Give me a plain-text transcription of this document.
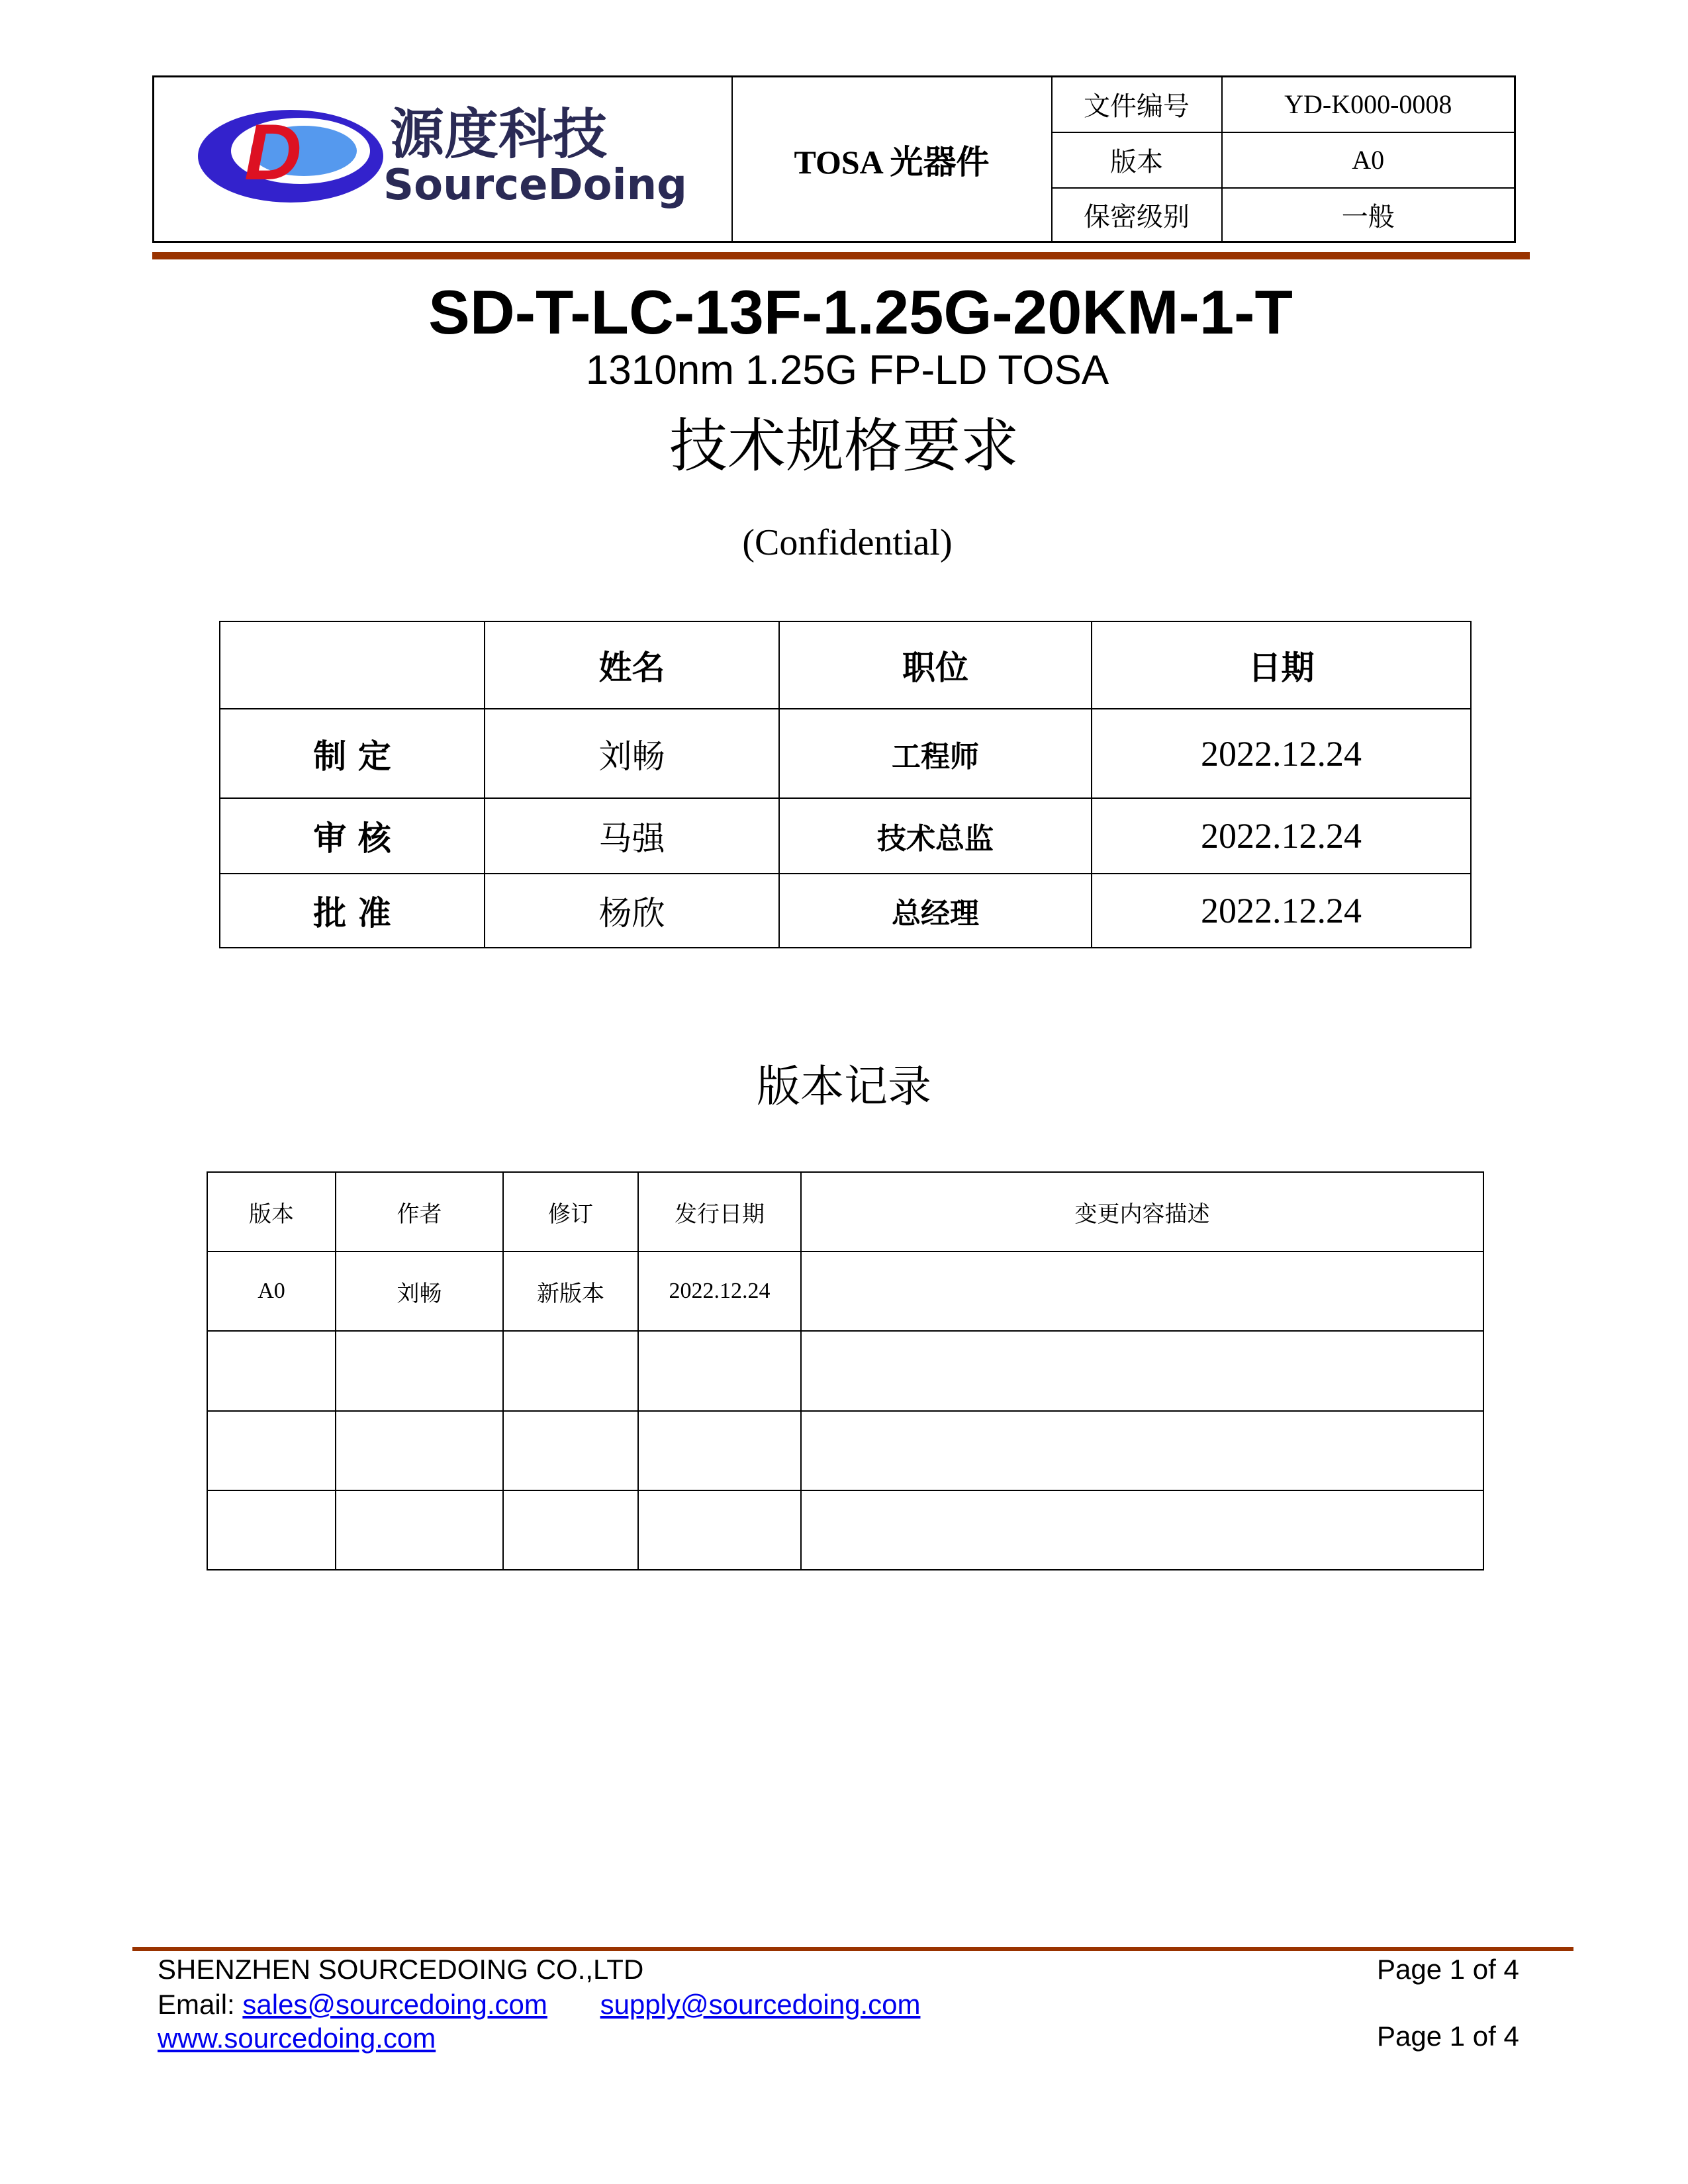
D 源度科技
SourceDoing	TOSA 光器件	文件编号	YD-K000-0008
		版本	A0
		保密级别	一般
SD-T-LC-13F-1.25G-20KM-1-T
1310nm 1.25G FP-LD TOSA
技术规格要求
(Confidential)
	姓名	职位	日期
制 定	刘畅	工程师	2022.12.24
审 核	马强	技术总监	2022.12.24
批 准	杨欣	总经理	2022.12.24
版本记录
版本	作者	修订	发行日期	变更内容描述
A0	刘畅	新版本	2022.12.24	

SHENZHEN SOURCEDOING CO.,LTD
Email: sales@sourcedoing.com supply@sourcedoing.com
www.sourcedoing.com
Page 1 of 4
Page 1 of 4
